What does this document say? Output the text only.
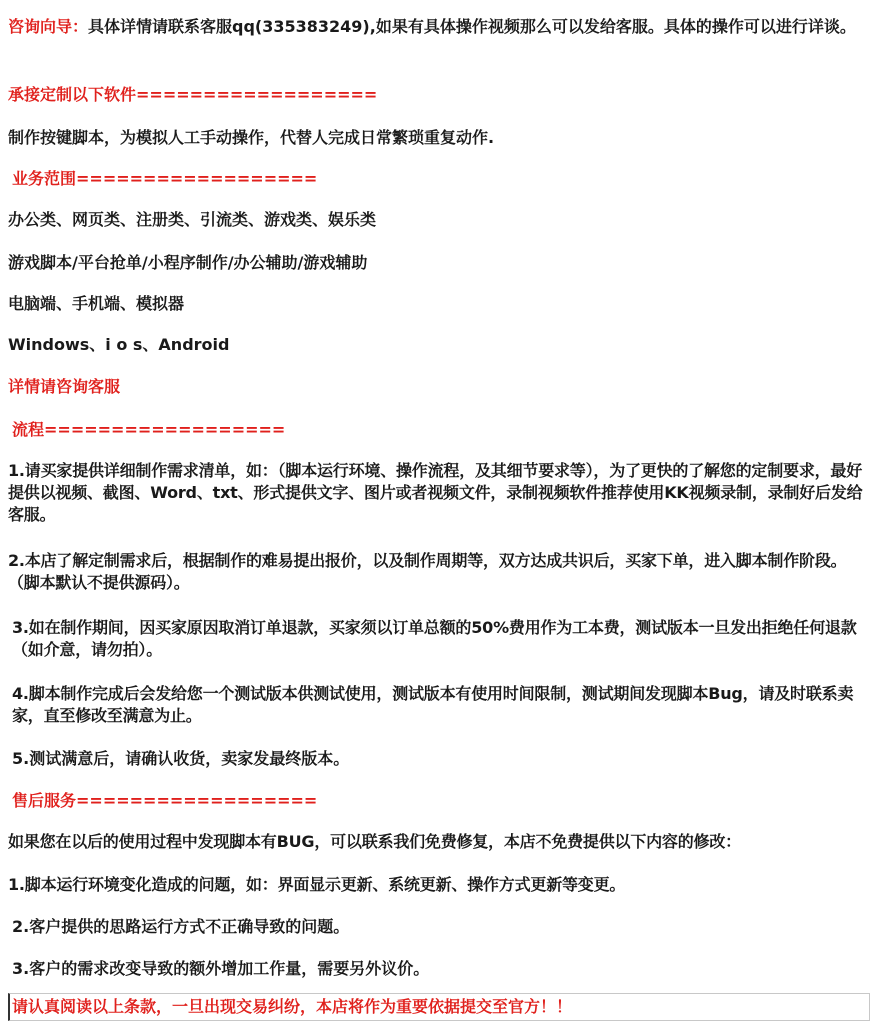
咨询向导：具体详情请联系客服qq(335383249),如果有具体操作视频那么可以发给客服。具体的操作可以进行详谈。

承接定制以下软件==================

制作按键脚本，为模拟人工手动操作，代替人完成日常繁琐重复动作.

业务范围==================

办公类、网页类、注册类、引流类、游戏类、娱乐类

游戏脚本/平台抢单/小程序制作/办公辅助/游戏辅助

电脑端、手机端、模拟器

Windows、i o s、Android

详情请咨询客服

流程==================

1.请买家提供详细制作需求清单，如：（脚本运行环境、操作流程，及其细节要求等），为了更快的了解您的定制要求，最好提供以视频、截图、Word、txt、形式提供文字、图片或者视频文件，录制视频软件推荐使用KK视频录制，录制好后发给客服。

2.本店了解定制需求后，根据制作的难易提出报价，以及制作周期等，双方达成共识后，买家下单，进入脚本制作阶段。（脚本默认不提供源码）。

3.如在制作期间，因买家原因取消订单退款，买家须以订单总额的50%费用作为工本费，测试版本一旦发出拒绝任何退款（如介意，请勿拍）。

4.脚本制作完成后会发给您一个测试版本供测试使用，测试版本有使用时间限制，测试期间发现脚本Bug，请及时联系卖家，直至修改至满意为止。

5.测试满意后，请确认收货，卖家发最终版本。

售后服务==================

如果您在以后的使用过程中发现脚本有BUG，可以联系我们免费修复，本店不免费提供以下内容的修改：

1.脚本运行环境变化造成的问题，如：界面显示更新、系统更新、操作方式更新等变更。

2.客户提供的思路运行方式不正确导致的问题。

3.客户的需求改变导致的额外增加工作量，需要另外议价。

请认真阅读以上条款，一旦出现交易纠纷，本店将作为重要依据提交至官方！！
